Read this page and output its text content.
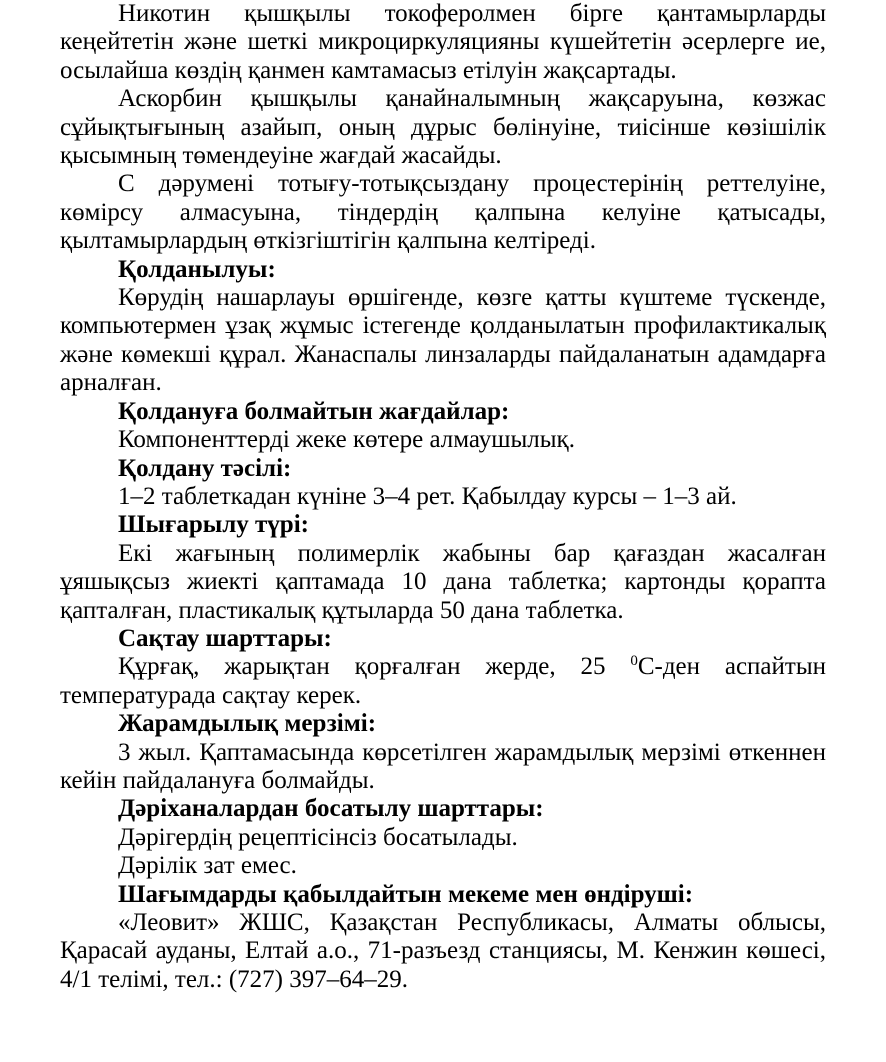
Никотин қышқылы токоферолмен бірге қантамырларды кеңейтетін және шеткі микроциркуляцияны күшейтетін әсерлерге ие, осылайша көздің қанмен камтамасыз етілуін жақсартады.

Аскорбин қышқылы қанайналымның жақсаруына, көзжас сұйықтығының азайып, оның дұрыс бөлінуіне, тиісінше көзішілік қысымның төмендеуіне жағдай жасайды.

С дәрумені тотығу-тотықсыздану процестерінің реттелуіне, көмірсу алмасуына, тіндердің қалпына келуіне қатысады, қылтамырлардың өткізгіштігін қалпына келтіреді.

Қолданылуы:

Көрудің нашарлауы өршігенде, көзге қатты күштеме түскенде, компьютермен ұзақ жұмыс істегенде қолданылатын профилактикалық және көмекші құрал. Жанаспалы линзаларды пайдаланатын адамдарға арналған.

Қолдануға болмайтын жағдайлар:

Компоненттерді жеке көтере алмаушылық.

Қолдану тәсілі:

1–2 таблеткадан күніне 3–4 рет. Қабылдау курсы – 1–3 ай.

Шығарылу түрі:

Екі жағының полимерлік жабыны бар қағаздан жасалған ұяшықсыз жиекті қаптамада 10 дана таблетка; картонды қорапта қапталған, пластикалық құтыларда 50 дана таблетка.

Сақтау шарттары:

Құрғақ, жарықтан қорғалған жерде, 25 $^0$С-ден аспайтын температурада сақтау керек.

Жарамдылық мерзімі:

3 жыл. Қаптамасында көрсетілген жарамдылық мерзімі өткеннен кейін пайдалануға болмайды.

Дәріханалардан босатылу шарттары:

Дәрігердің рецептісінсіз босатылады.

Дәрілік зат емес.

Шағымдарды қабылдайтын мекеме мен өндіруші:

«Леовит» ЖШС, Қазақстан Республикасы, Алматы облысы, Қарасай ауданы, Елтай а.о., 71-разъезд станциясы, М. Кенжин көшесі, 4/1 телімі, тел.: (727) 397–64–29.
